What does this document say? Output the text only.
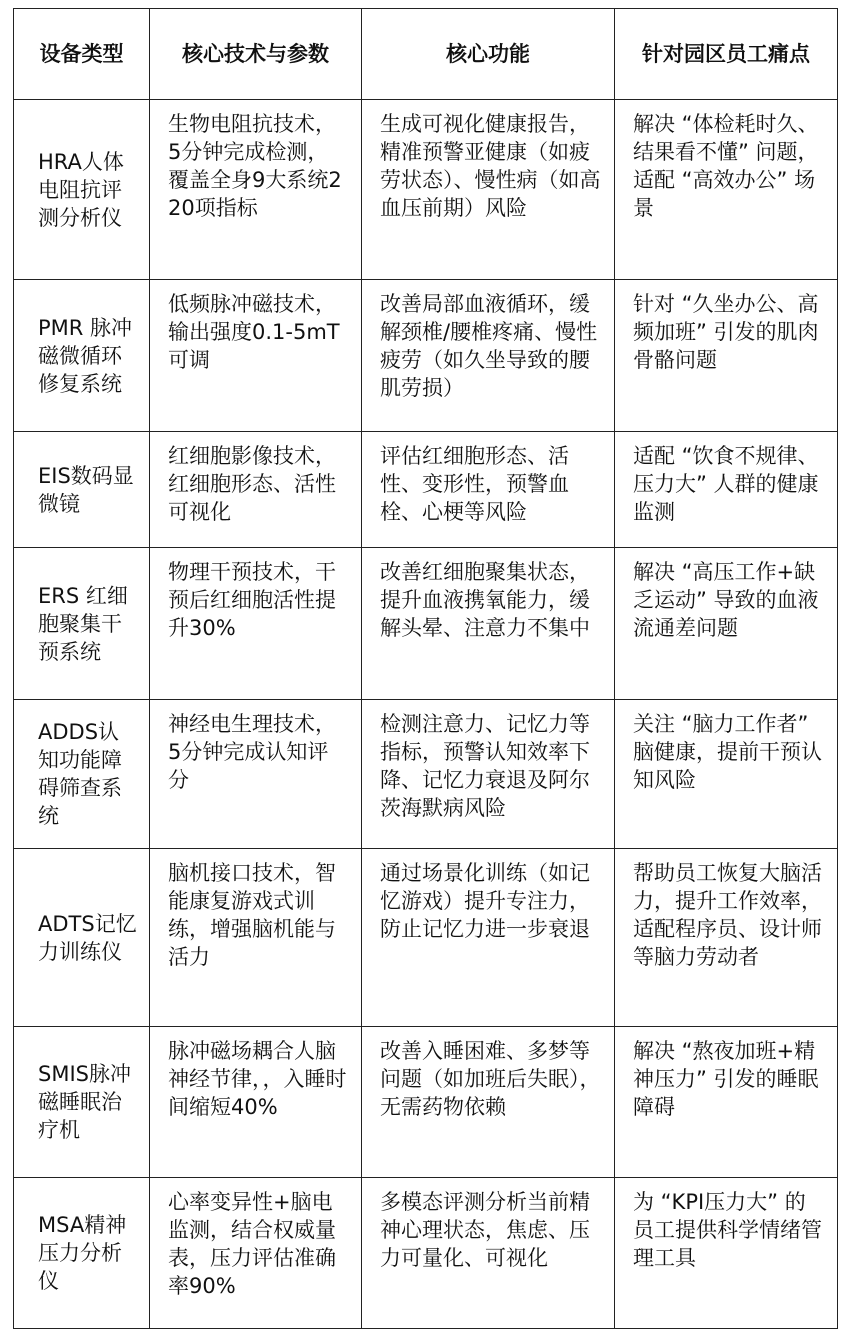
设备类型	核心技术与参数	核心功能	针对园区员工痛点
HRA人体电阻抗评测分析仪	生物电阻抗技术，5分钟完成检测，覆盖全身9大系统220项指标	生成可视化健康报告，精准预警亚健康（如疲劳状态）、慢性病（如高血压前期）风险	解决 “体检耗时久、结果看不懂” 问题，适配 “高效办公” 场景
PMR 脉冲磁微循环修复系统	低频脉冲磁技术，输出强度0.1-5mT可调	改善局部血液循环，缓解颈椎/腰椎疼痛、慢性疲劳（如久坐导致的腰肌劳损）	针对 “久坐办公、高频加班” 引发的肌肉骨骼问题
EIS数码显微镜	红细胞影像技术，红细胞形态、活性可视化	评估红细胞形态、活性、变形性，预警血栓、心梗等风险	适配 “饮食不规律、压力大” 人群的健康监测
ERS 红细胞聚集干预系统	物理干预技术，干预后红细胞活性提升30%	改善红细胞聚集状态，提升血液携氧能力，缓解头晕、注意力不集中	解决 “高压工作+缺乏运动” 导致的血液流通差问题
ADDS认知功能障碍筛查系统	神经电生理技术，5分钟完成认知评分	检测注意力、记忆力等指标，预警认知效率下降、记忆力衰退及阿尔茨海默病风险	关注 “脑力工作者” 脑健康，提前干预认知风险
ADTS记忆力训练仪	脑机接口技术，智能康复游戏式训练，增强脑机能与活力	通过场景化训练（如记忆游戏）提升专注力，防止记忆力进一步衰退	帮助员工恢复大脑活力，提升工作效率，适配程序员、设计师等脑力劳动者
SMIS脉冲磁睡眠治疗机	脉冲磁场耦合人脑神经节律，，入睡时间缩短40%	改善入睡困难、多梦等问题（如加班后失眠），无需药物依赖	解决 “熬夜加班+精神压力” 引发的睡眠障碍
MSA精神压力分析仪	心率变异性+脑电监测，结合权威量表，压力评估准确率90%	多模态评测分析当前精神心理状态，焦虑、压力可量化、可视化	为 “KPI压力大” 的员工提供科学情绪管理工具
